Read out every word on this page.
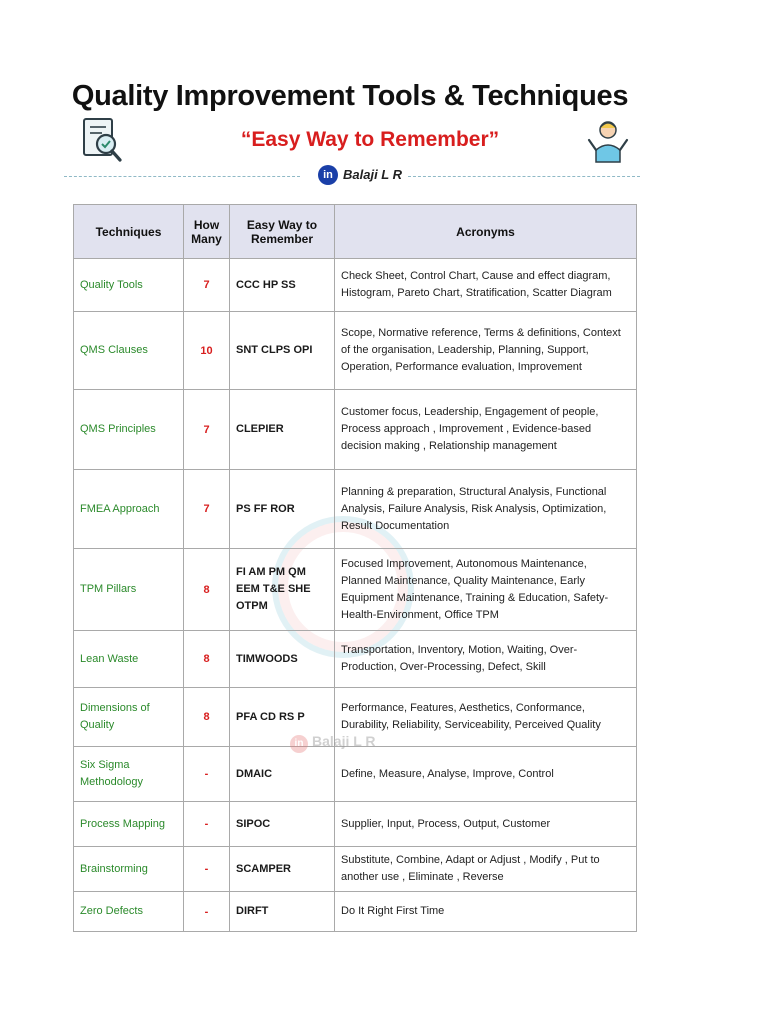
Quality Improvement Tools & Techniques
“Easy Way to Remember”
in Balaji L R
Techniques	How Many	Easy Way to Remember	Acronyms
Quality Tools	7	CCC HP SS	Check Sheet, Control Chart, Cause and effect diagram, Histogram, Pareto Chart, Stratification, Scatter Diagram
QMS Clauses	10	SNT CLPS OPI	Scope, Normative reference, Terms & definitions, Context of the organisation, Leadership, Planning, Support, Operation, Performance evaluation, Improvement
QMS Principles	7	CLEPIER	Customer focus, Leadership, Engagement of people, Process approach , Improvement , Evidence-based decision making , Relationship management
FMEA Approach	7	PS FF ROR	Planning & preparation, Structural Analysis, Functional Analysis, Failure Analysis, Risk Analysis, Optimization, Result Documentation
TPM Pillars	8	FI AM PM QM EEM T&E SHE OTPM	Focused Improvement, Autonomous Maintenance, Planned Maintenance, Quality Maintenance, Early Equipment Maintenance, Training & Education, Safety-Health-Environment, Office TPM
Lean Waste	8	TIMWOODS	Transportation, Inventory, Motion, Waiting, Over-Production, Over-Processing, Defect, Skill
Dimensions of Quality	8	PFA CD RS P	Performance, Features, Aesthetics, Conformance, Durability, Reliability, Serviceability, Perceived Quality
Six Sigma Methodology	-	DMAIC	Define, Measure, Analyse, Improve, Control
Process Mapping	-	SIPOC	Supplier, Input, Process, Output, Customer
Brainstorming	-	SCAMPER	Substitute, Combine, Adapt or Adjust , Modify , Put to another use , Eliminate , Reverse
Zero Defects	-	DIRFT	Do It Right First Time
in Balaji L R
